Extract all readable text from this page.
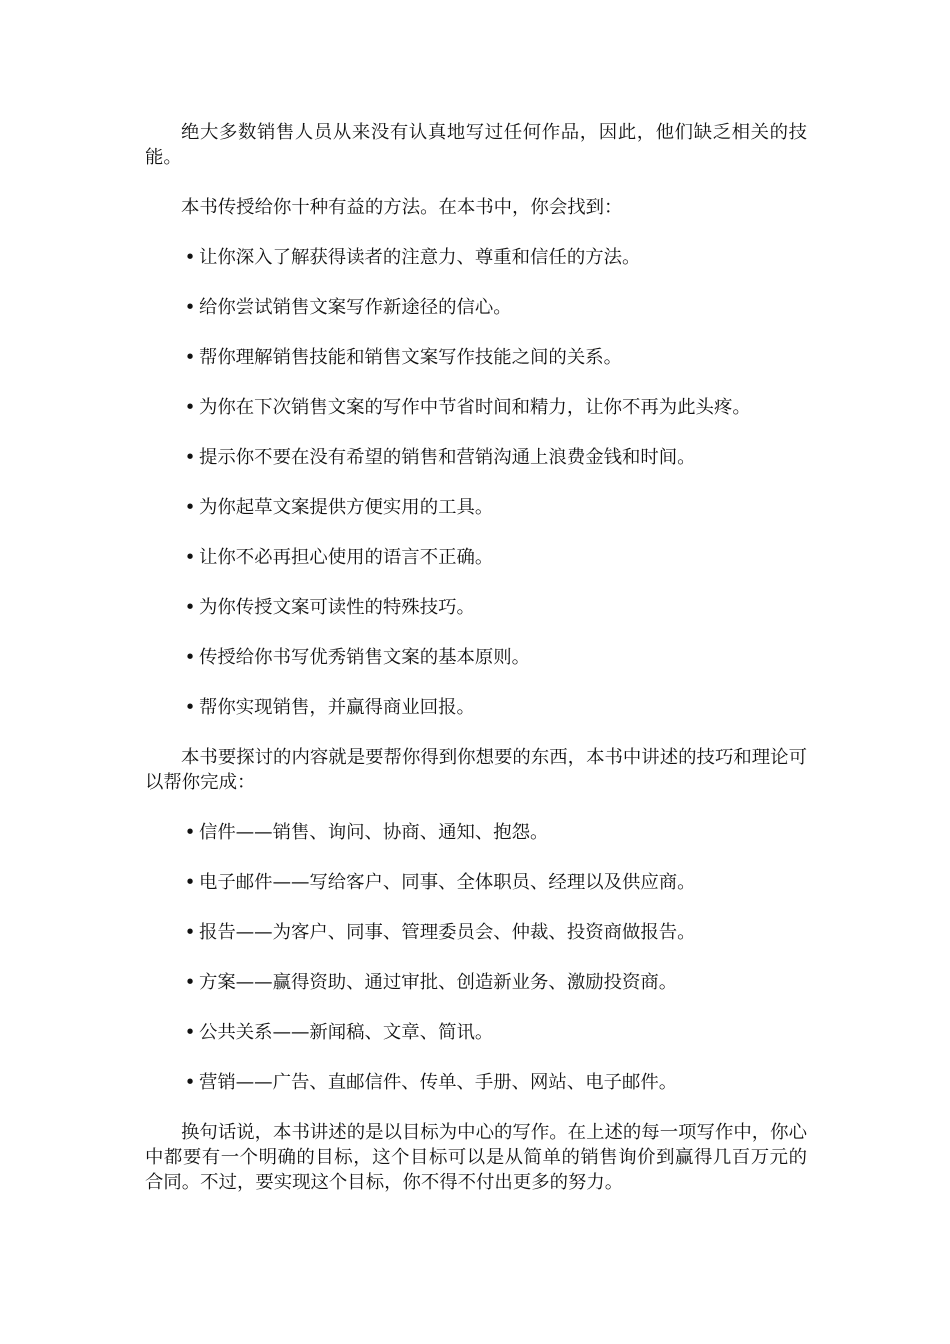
绝大多数销售人员从来没有认真地写过任何作品，因此，他们缺乏相关的技能。

本书传授给你十种有益的方法。在本书中，你会找到：

• 让你深入了解获得读者的注意力、尊重和信任的方法。
• 给你尝试销售文案写作新途径的信心。
• 帮你理解销售技能和销售文案写作技能之间的关系。
• 为你在下次销售文案的写作中节省时间和精力，让你不再为此头疼。
• 提示你不要在没有希望的销售和营销沟通上浪费金钱和时间。
• 为你起草文案提供方便实用的工具。
• 让你不必再担心使用的语言不正确。
• 为你传授文案可读性的特殊技巧。
• 传授给你书写优秀销售文案的基本原则。
• 帮你实现销售，并赢得商业回报。

本书要探讨的内容就是要帮你得到你想要的东西，本书中讲述的技巧和理论可以帮你完成：

• 信件——销售、询问、协商、通知、抱怨。
• 电子邮件——写给客户、同事、全体职员、经理以及供应商。
• 报告——为客户、同事、管理委员会、仲裁、投资商做报告。
• 方案——赢得资助、通过审批、创造新业务、激励投资商。
• 公共关系——新闻稿、文章、简讯。
• 营销——广告、直邮信件、传单、手册、网站、电子邮件。

换句话说，本书讲述的是以目标为中心的写作。在上述的每一项写作中，你心中都要有一个明确的目标，这个目标可以是从简单的销售询价到赢得几百万元的合同。不过，要实现这个目标，你不得不付出更多的努力。
